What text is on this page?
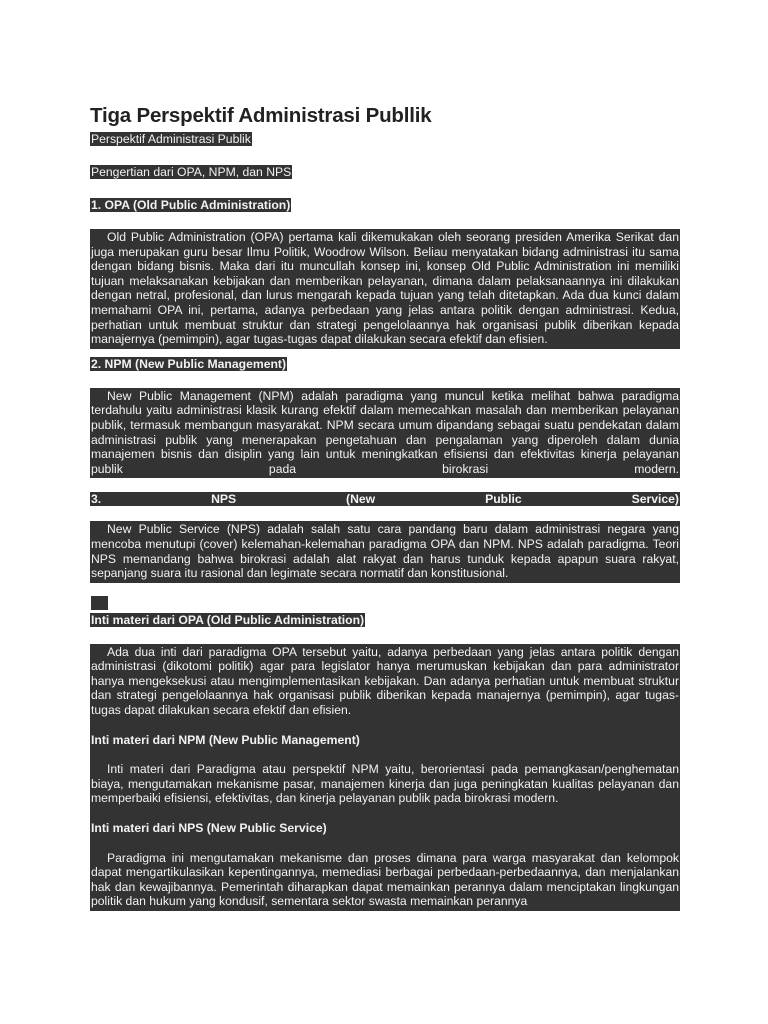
Tiga Perspektif Administrasi Publlik
Perspektif Administrasi Publik
Pengertian dari OPA, NPM, dan NPS
1. OPA (Old Public Administration)

Old Public Administration (OPA) pertama kali dikemukakan oleh seorang presiden Amerika Serikat dan juga merupakan guru besar Ilmu Politik, Woodrow Wilson. Beliau menyatakan bidang administrasi itu sama dengan bidang bisnis. Maka dari itu muncullah konsep ini, konsep Old Public Administration ini memiliki tujuan melaksanakan kebijakan dan memberikan pelayanan, dimana dalam pelaksanaannya ini dilakukan dengan netral, profesional, dan lurus mengarah kepada tujuan yang telah ditetapkan. Ada dua kunci dalam memahami OPA ini, pertama, adanya perbedaan yang jelas antara politik dengan administrasi. Kedua, perhatian untuk membuat struktur dan strategi pengelolaannya hak organisasi publik diberikan kepada manajernya (pemimpin), agar tugas-tugas dapat dilakukan secara efektif dan efisien.

2. NPM (New Public Management)

New Public Management (NPM) adalah paradigma yang muncul ketika melihat bahwa paradigma terdahulu yaitu administrasi klasik kurang efektif dalam memecahkan masalah dan memberikan pelayanan publik, termasuk membangun masyarakat. NPM secara umum dipandang sebagai suatu pendekatan dalam administrasi publik yang menerapakan pengetahuan dan pengalaman yang diperoleh dalam dunia manajemen bisnis dan disiplin yang lain untuk meningkatkan efisiensi dan efektivitas kinerja pelayanan publik pada birokrasi modern.

3.	NPS	(New	Public	Service)

New Public Service (NPS) adalah salah satu cara pandang baru dalam administrasi negara yang mencoba menutupi (cover) kelemahan-kelemahan paradigma OPA dan NPM. NPS adalah paradigma. Teori NPS memandang bahwa birokrasi adalah alat rakyat dan harus tunduk kepada apapun suara rakyat, sepanjang suara itu rasional dan legimate secara normatif dan konstitusional.

Inti materi dari OPA (Old Public Administration)

Ada dua inti dari paradigma OPA tersebut yaitu, adanya perbedaan yang jelas antara politik dengan administrasi (dikotomi politik) agar para legislator hanya merumuskan kebijakan dan para administrator hanya mengeksekusi atau mengimplementasikan kebijakan. Dan adanya perhatian untuk membuat struktur dan strategi pengelolaannya hak organisasi publik diberikan kepada manajernya (pemimpin), agar tugas-tugas dapat dilakukan secara efektif dan efisien.

Inti materi dari NPM (New Public Management)

Inti materi dari Paradigma atau perspektif NPM yaitu, berorientasi pada pemangkasan/penghematan biaya, mengutamakan mekanisme pasar, manajemen kinerja dan juga peningkatan kualitas pelayanan dan memperbaiki efisiensi, efektivitas, dan kinerja pelayanan publik pada birokrasi modern.

Inti materi dari NPS (New Public Service)

Paradigma ini mengutamakan mekanisme dan proses dimana para warga masyarakat dan kelompok dapat mengartikulasikan kepentingannya, memediasi berbagai perbedaan-perbedaannya, dan menjalankan hak dan kewajibannya. Pemerintah diharapkan dapat memainkan perannya dalam menciptakan lingkungan politik dan hukum yang kondusif, sementara sektor swasta memainkan perannya
